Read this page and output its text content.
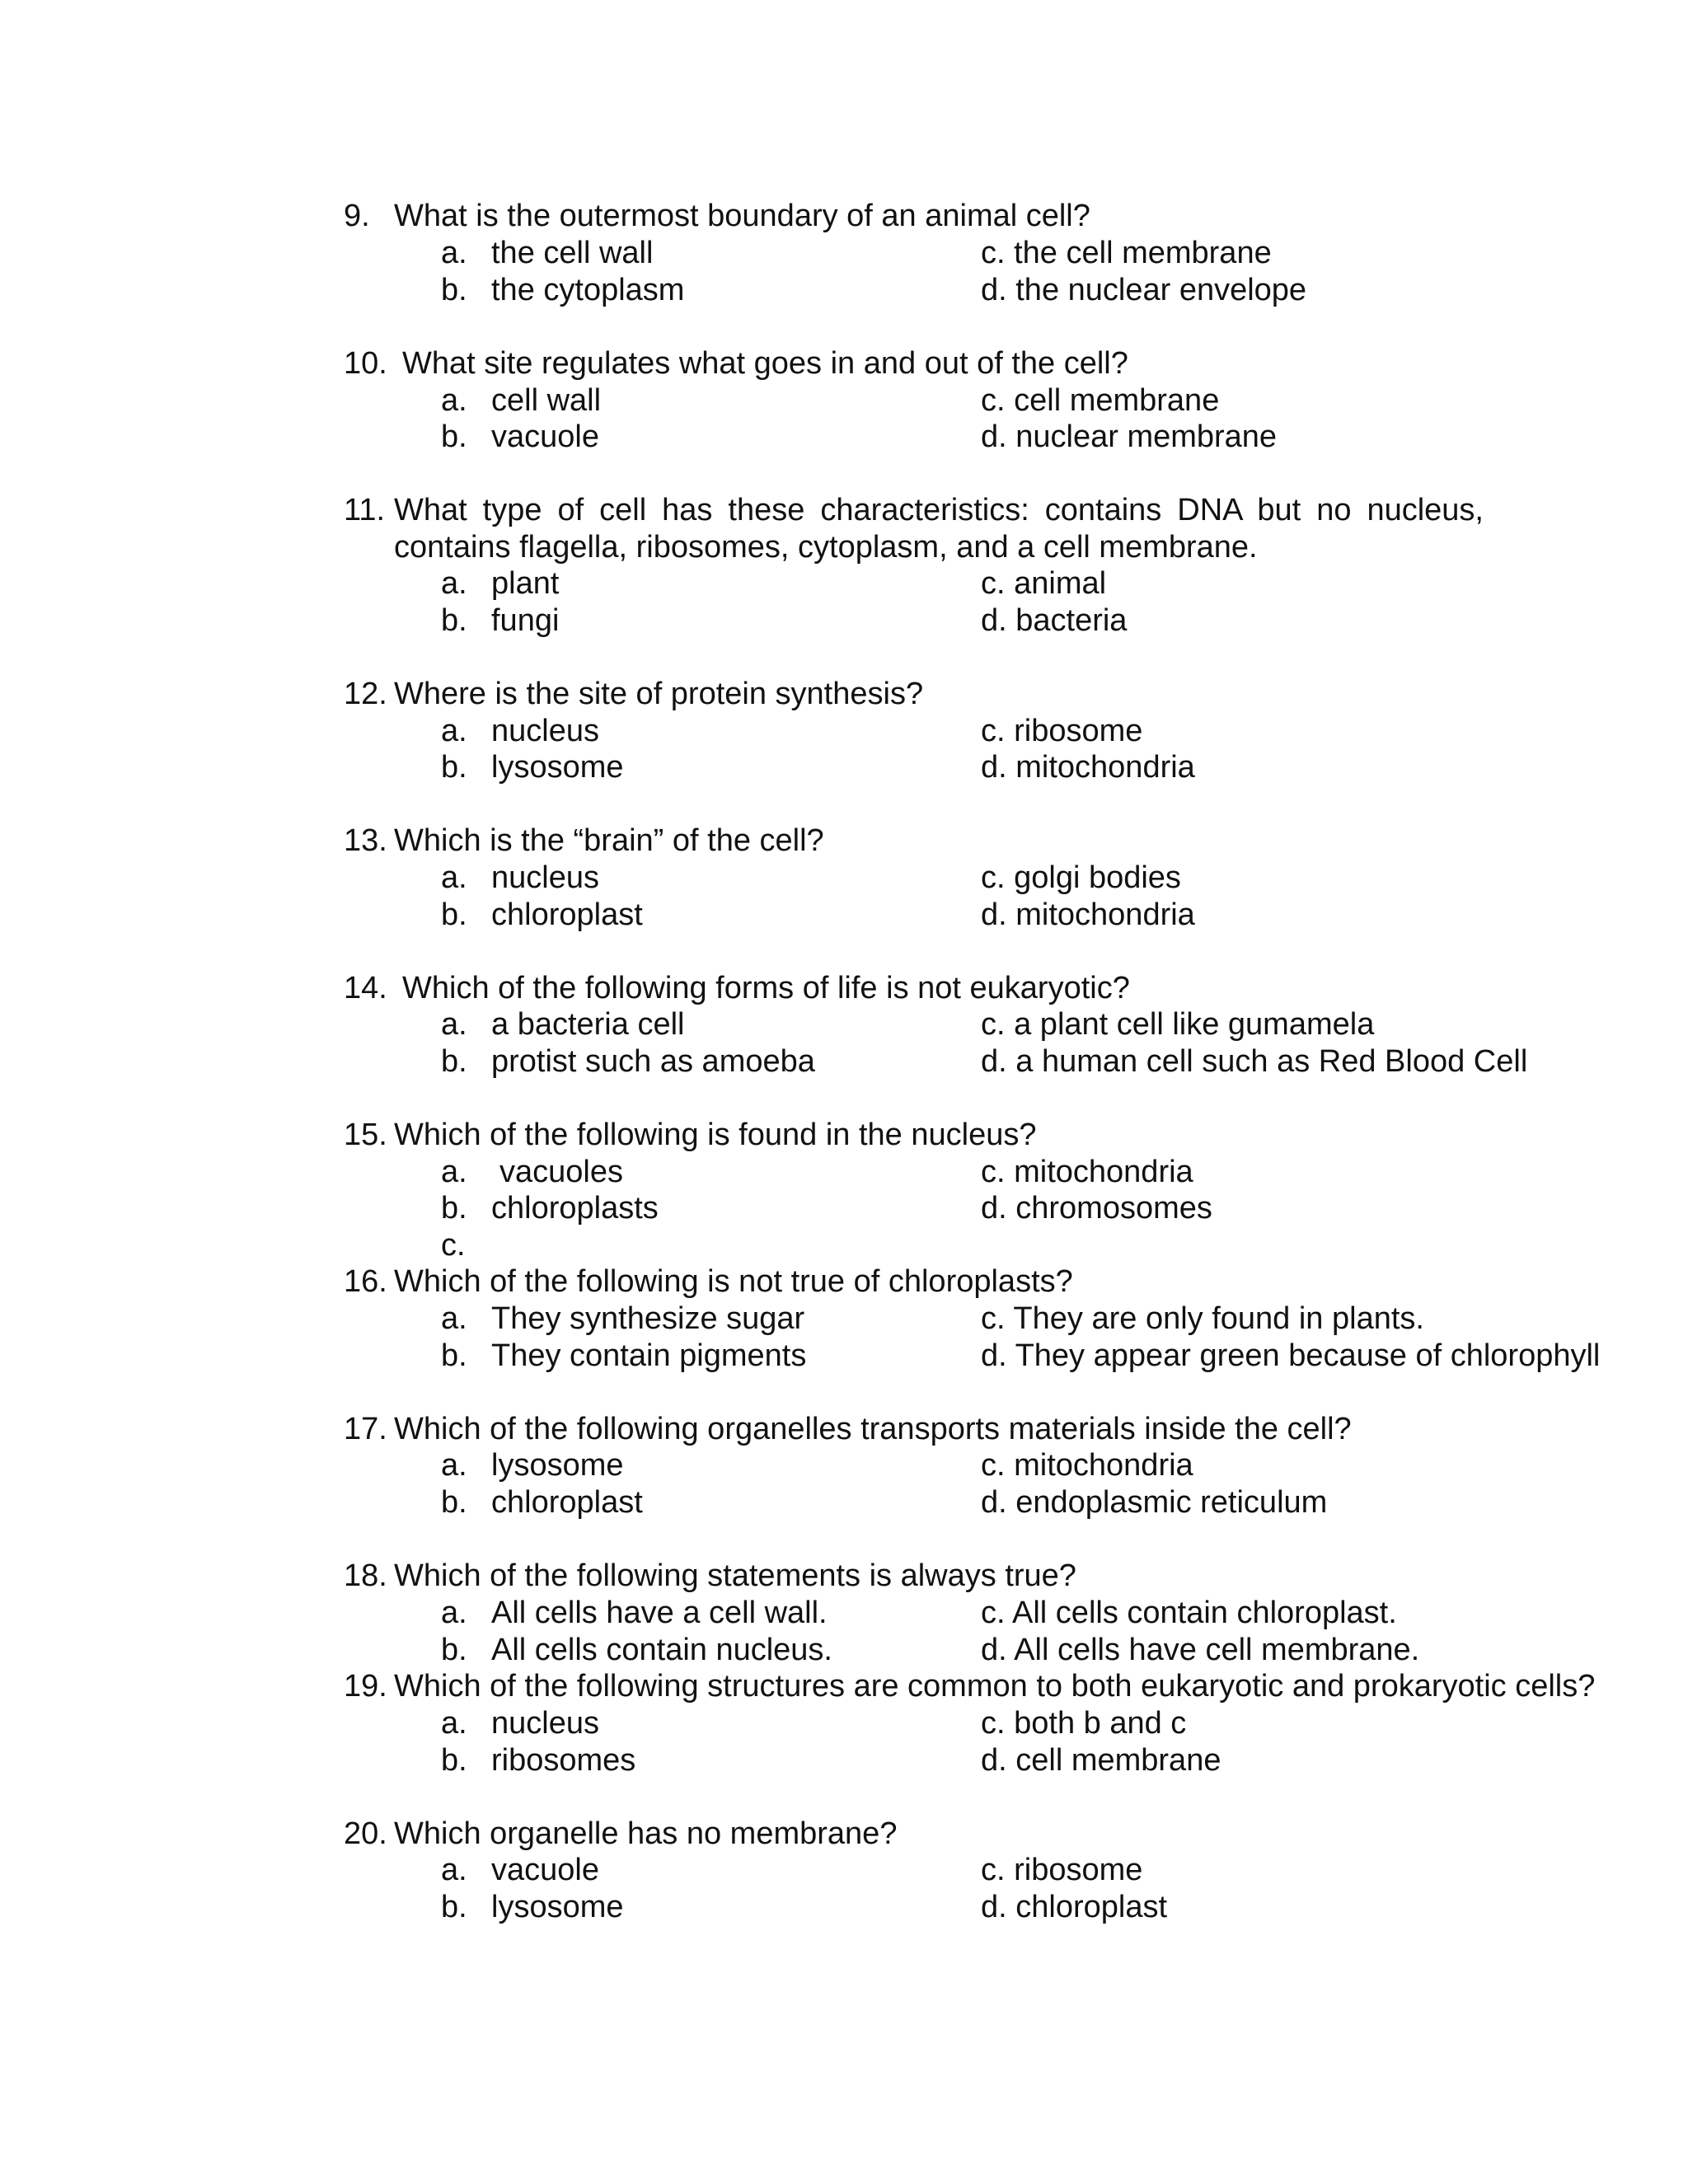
9. What is the outermost boundary of an animal cell?
a. the cell wall
b. the cytoplasm
c. the cell membrane
d. the nuclear envelope
10. What site regulates what goes in and out of the cell?
a. cell wall
b. vacuole
c. cell membrane
d. nuclear membrane
11. What type of cell has these characteristics: contains DNA but no nucleus, contains flagella, ribosomes, cytoplasm, and a cell membrane.
a. plant
b. fungi
c. animal
d. bacteria
12. Where is the site of protein synthesis?
a. nucleus
b. lysosome
c. ribosome
d. mitochondria
13. Which is the “brain” of the cell?
a. nucleus
b. chloroplast
c. golgi bodies
d. mitochondria
14. Which of the following forms of life is not eukaryotic?
a. a bacteria cell
b. protist such as amoeba
c. a plant cell like gumamela
d. a human cell such as Red Blood Cell
15. Which of the following is found in the nucleus?
a. vacuoles
b. chloroplasts
c.
c. mitochondria
d. chromosomes
16. Which of the following is not true of chloroplasts?
a. They synthesize sugar
b. They contain pigments
c. They are only found in plants.
d. They appear green because of chlorophyll
17. Which of the following organelles transports materials inside the cell?
a. lysosome
b. chloroplast
c. mitochondria
d. endoplasmic reticulum
18. Which of the following statements is always true?
a. All cells have a cell wall.
b. All cells contain nucleus.
c. All cells contain chloroplast.
d. All cells have cell membrane.
19. Which of the following structures are common to both eukaryotic and prokaryotic cells?
a. nucleus
b. ribosomes
c. both b and c
d. cell membrane
20. Which organelle has no membrane?
a. vacuole
b. lysosome
c. ribosome
d. chloroplast
